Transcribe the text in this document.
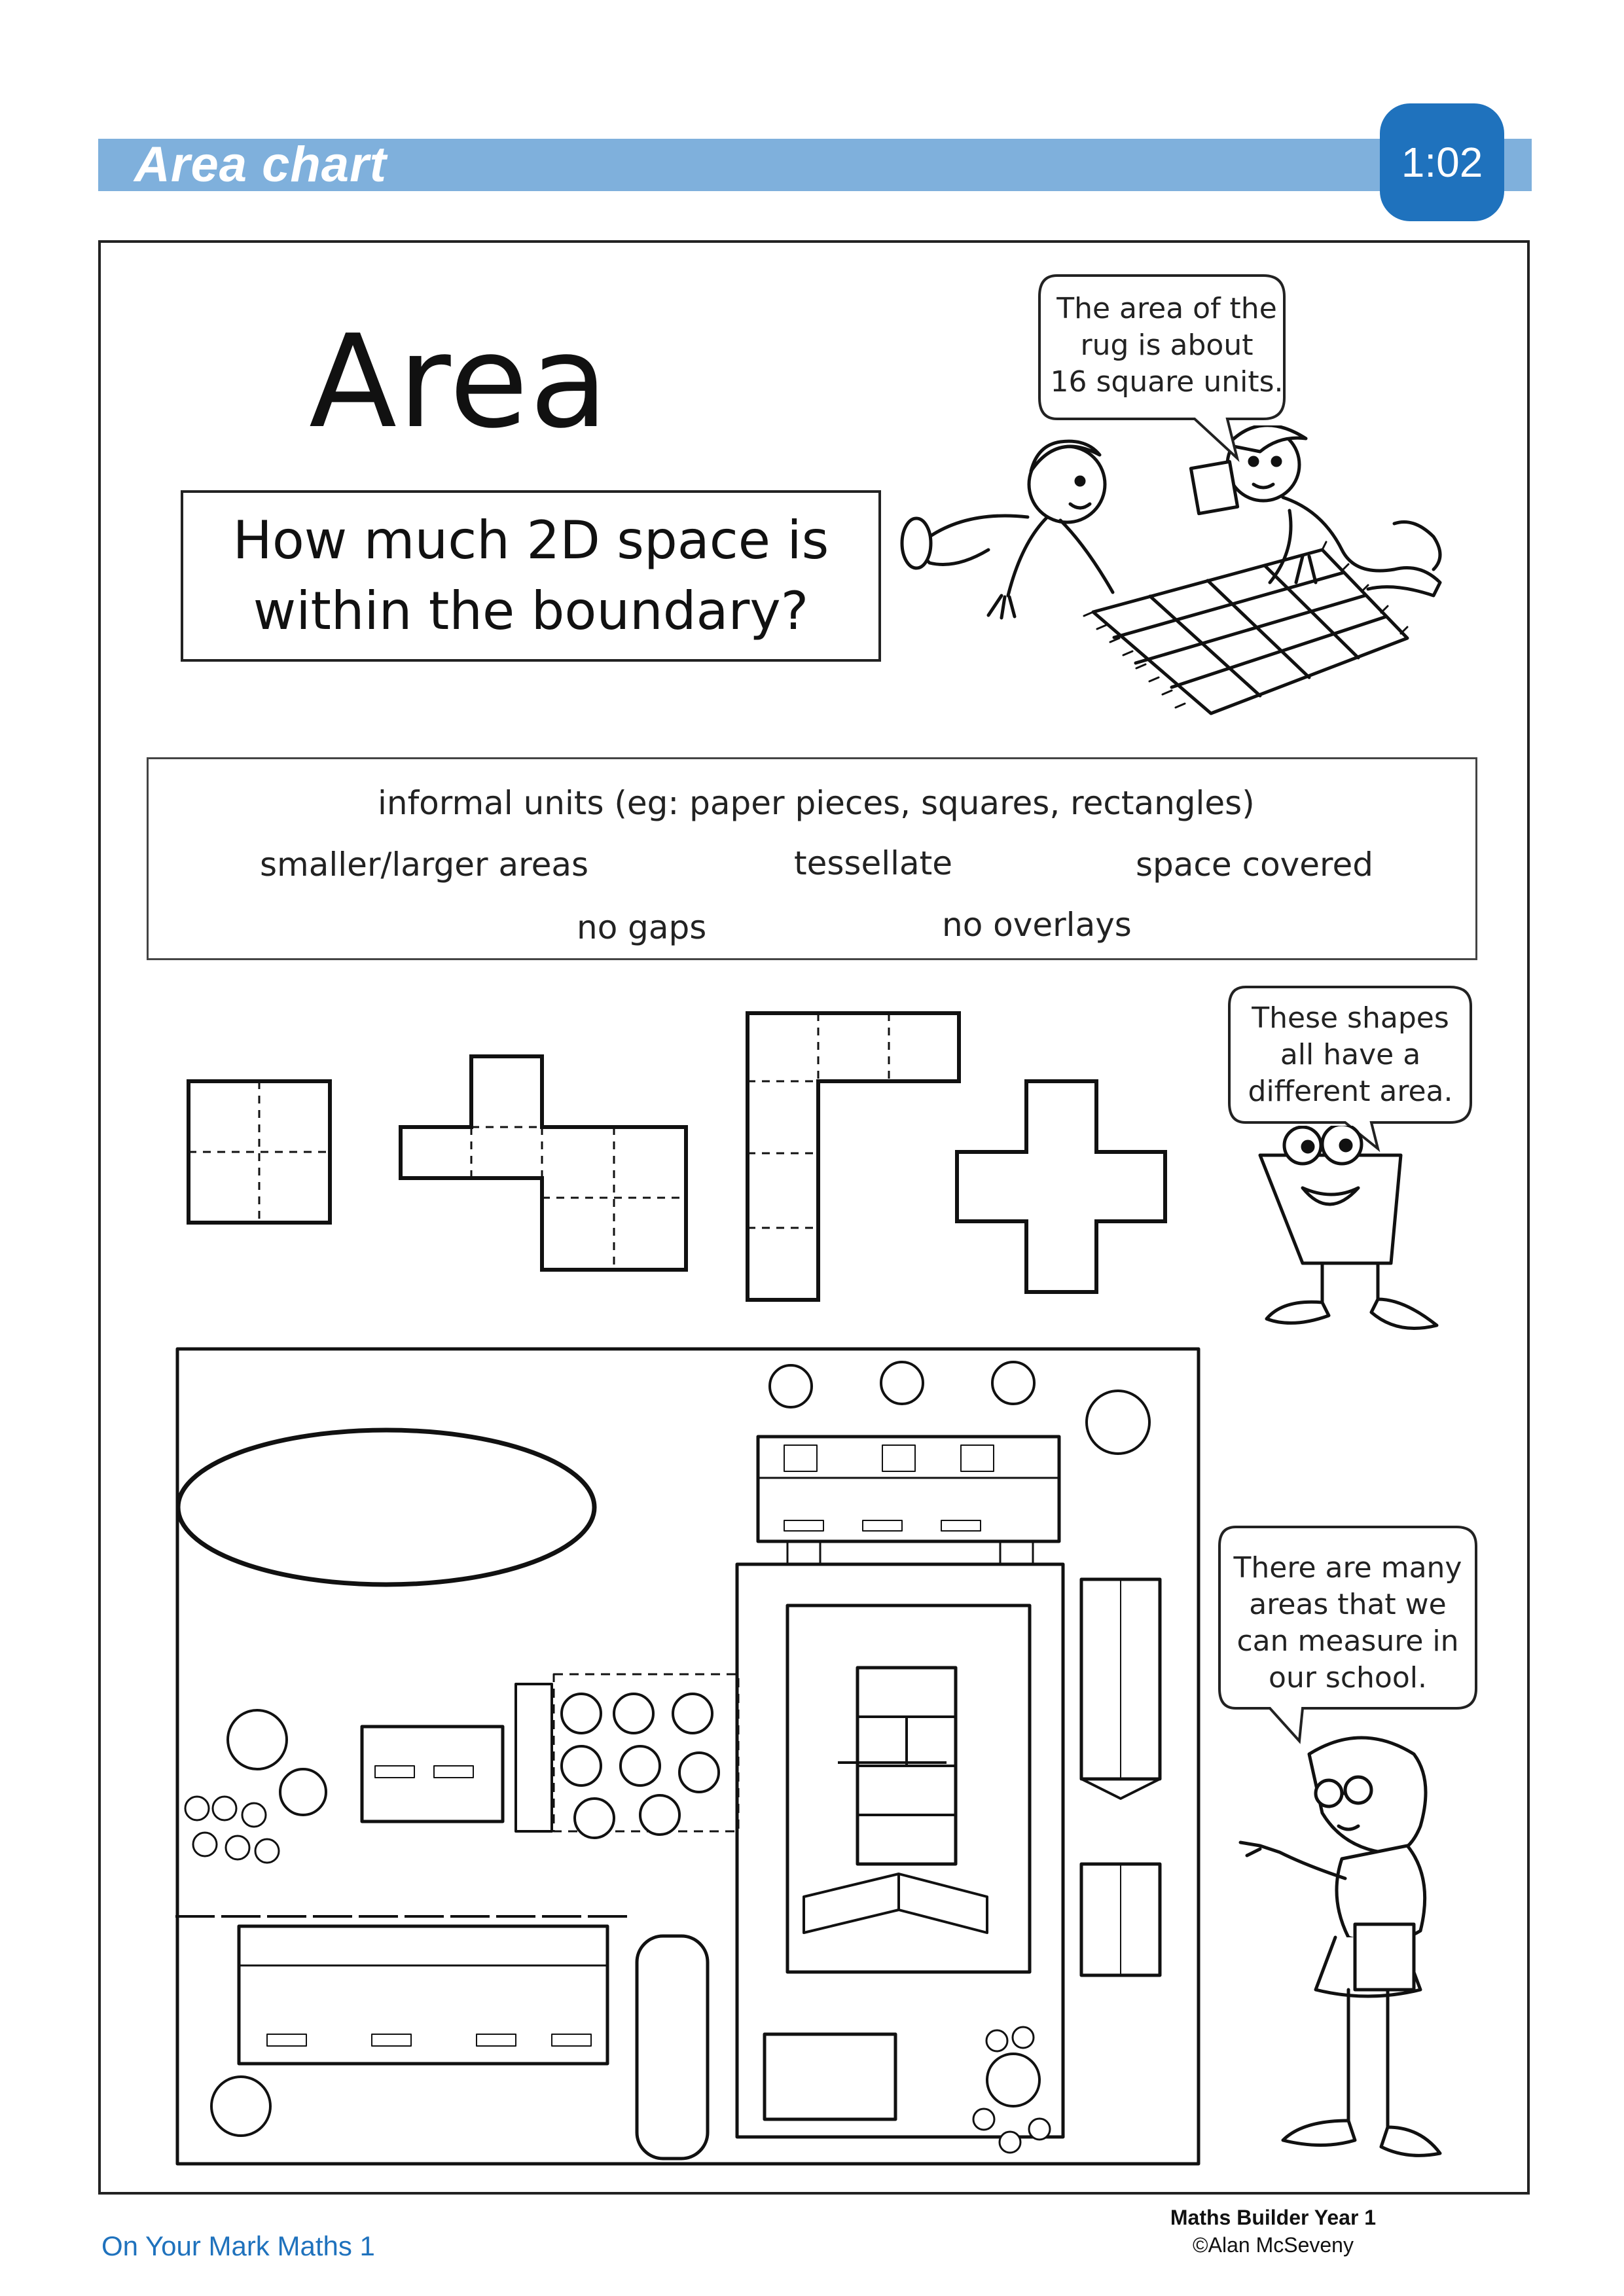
Area chart	1:02
Area
How much 2D space is within the boundary?
informal units (eg: paper pieces, squares, rectangles)
smaller/larger areas	tessellate	space covered
no gaps	no overlays
The area of the
rug is about
16 square units.
These shapes
all have a
different area.
There are many
areas that we
can measure in
our school.
On Your Mark Maths 1
Maths Builder Year 1
©Alan McSeveny
